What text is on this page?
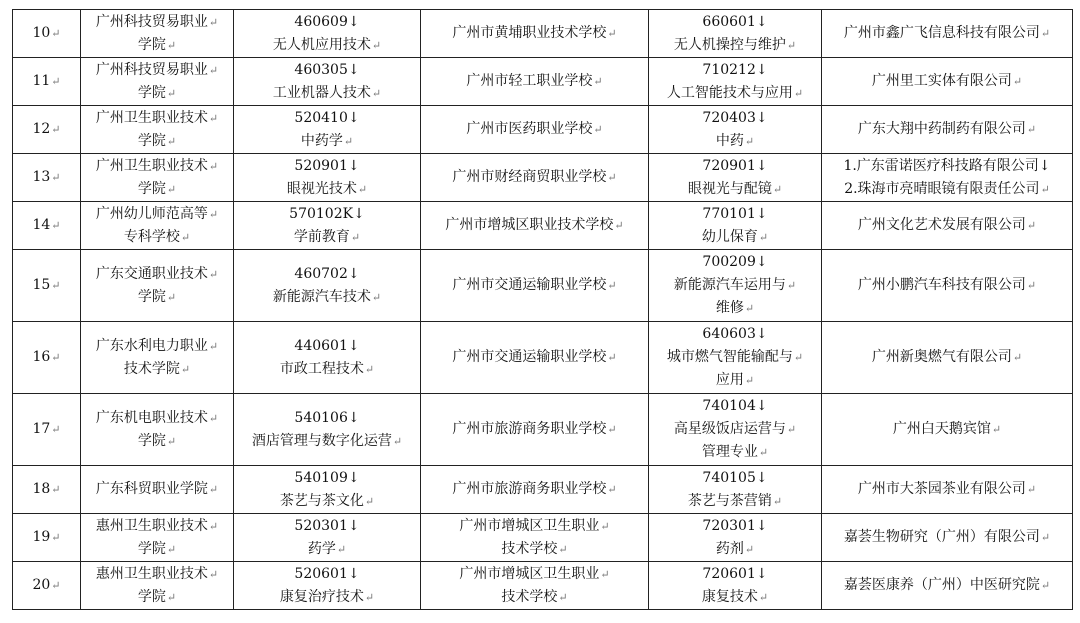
10↵	广州科技贸易职业↵
学院↵	460609↓
无人机应用技术↵	广州市黄埔职业技术学校↵	660601↓
无人机操控与维护↵	广州市鑫广飞信息科技有限公司↵

11↵	广州科技贸易职业↵
学院↵	460305↓
工业机器人技术↵	广州市轻工职业学校↵	710212↓
人工智能技术与应用↵	广州里工实体有限公司↵

12↵	广州卫生职业技术↵
学院↵	520410↓
中药学↵	广州市医药职业学校↵	720403↓
中药↵	广东大翔中药制药有限公司↵

13↵	广州卫生职业技术↵
学院↵	520901↓
眼视光技术↵	广州市财经商贸职业学校↵	720901↓
眼视光与配镜↵	1.广东雷诺医疗科技路有限公司↓
2.珠海市亮晴眼镜有限责任公司↵

14↵	广州幼儿师范高等↵
专科学校↵	570102K↓
学前教育↵	广州市增城区职业技术学校↵	770101↓
幼儿保育↵	广州文化艺术发展有限公司↵

15↵	广东交通职业技术↵
学院↵	460702↓
新能源汽车技术↵	广州市交通运输职业学校↵	700209↓
新能源汽车运用与↵
维修↵	广州小鹏汽车科技有限公司↵

16↵	广东水利电力职业↵
技术学院↵	440601↓
市政工程技术↵	广州市交通运输职业学校↵	640603↓
城市燃气智能输配与↵
应用↵	广州新奥燃气有限公司↵

17↵	广东机电职业技术↵
学院↵	540106↓
酒店管理与数字化运营↵	广州市旅游商务职业学校↵	740104↓
高星级饭店运营与↵
管理专业↵	广州白天鹅宾馆↵

18↵	广东科贸职业学院↵	540109↓
茶艺与茶文化↵	广州市旅游商务职业学校↵	740105↓
茶艺与茶营销↵	广州市大茶园茶业有限公司↵

19↵	惠州卫生职业技术↵
学院↵	520301↓
药学↵	广州市增城区卫生职业↵
技术学校↵	720301↓
药剂↵	嘉荟生物研究（广州）有限公司↵

20↵	惠州卫生职业技术↵
学院↵	520601↓
康复治疗技术↵	广州市增城区卫生职业↵
技术学校↵	720601↓
康复技术↵	嘉荟医康养（广州）中医研究院↵
